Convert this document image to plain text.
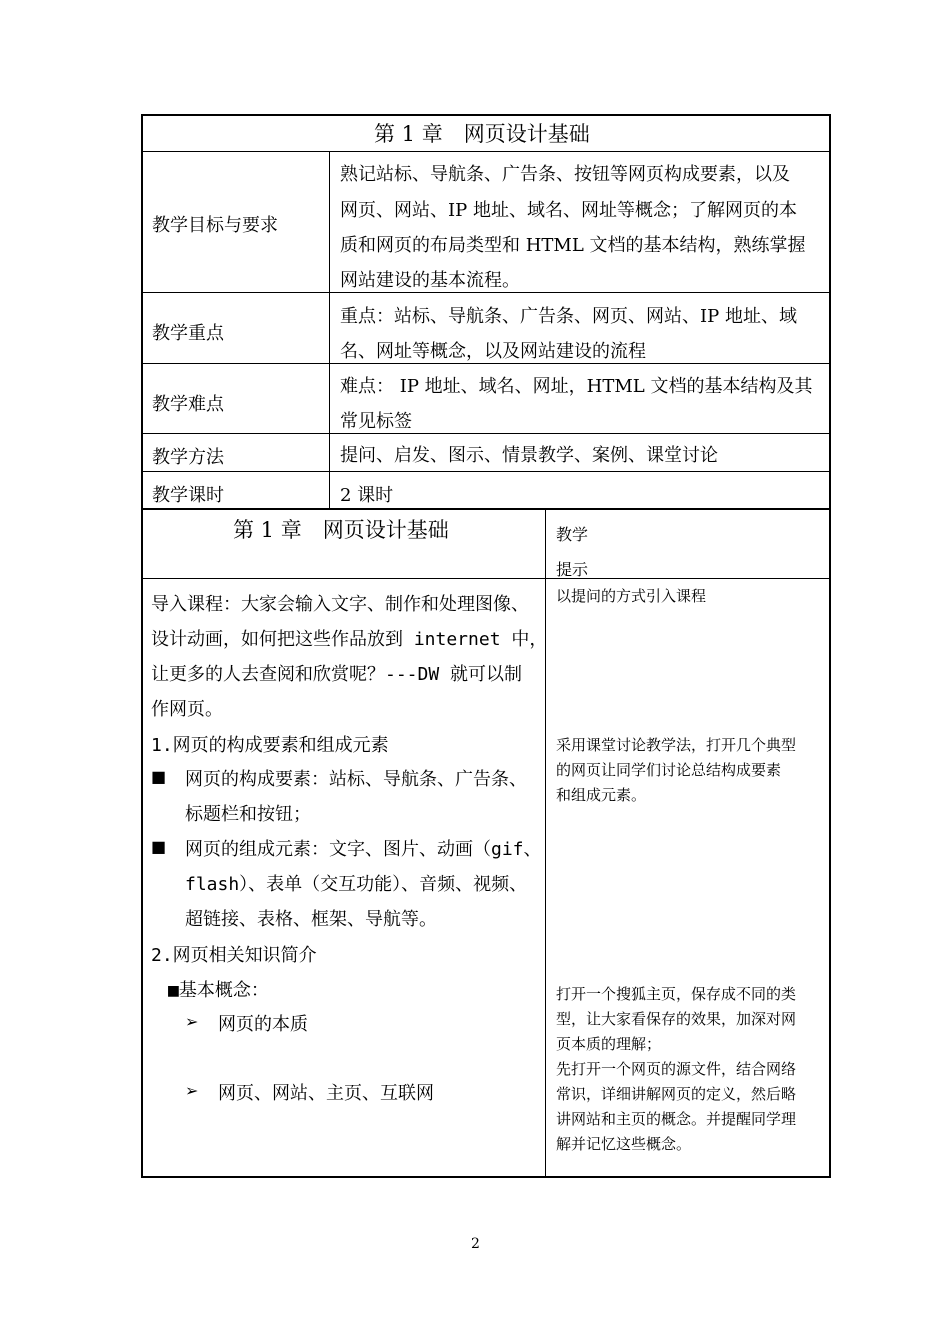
第 1 章　网页设计基础
教学目标与要求
教学重点
教学难点
教学方法
教学课时
熟记站标、导航条、广告条、按钮等网页构成要素，以及
网页、网站、IP 地址、域名、网址等概念；了解网页的本
质和网页的布局类型和 HTML 文档的基本结构，熟练掌握
网站建设的基本流程。
重点：站标、导航条、广告条、网页、网站、IP 地址、域
名、网址等概念，以及网站建设的流程
难点： IP 地址、域名、网址，HTML 文档的基本结构及其
常见标签
提问、启发、图示、情景教学、案例、课堂讨论
2 课时
第 1 章　网页设计基础	教学
提示
导入课程：大家会输入文字、制作和处理图像、
设计动画，如何把这些作品放到 internet 中，
让更多的人去查阅和欣赏呢？---DW 就可以制
作网页。
1.网页的构成要素和组成元素
■ 网页的构成要素：站标、导航条、广告条、
标题栏和按钮；
■ 网页的组成元素：文字、图片、动画（gif、
flash）、表单（交互功能）、音频、视频、
超链接、表格、框架、导航等。
2.网页相关知识简介
■基本概念：
➢ 网页的本质
➢ 网页、网站、主页、互联网
以提问的方式引入课程
采用课堂讨论教学法，打开几个典型
的网页让同学们讨论总结构成要素
和组成元素。
打开一个搜狐主页，保存成不同的类
型，让大家看保存的效果，加深对网
页本质的理解；
先打开一个网页的源文件，结合网络
常识，详细讲解网页的定义，然后略
讲网站和主页的概念。并提醒同学理
解并记忆这些概念。
2
